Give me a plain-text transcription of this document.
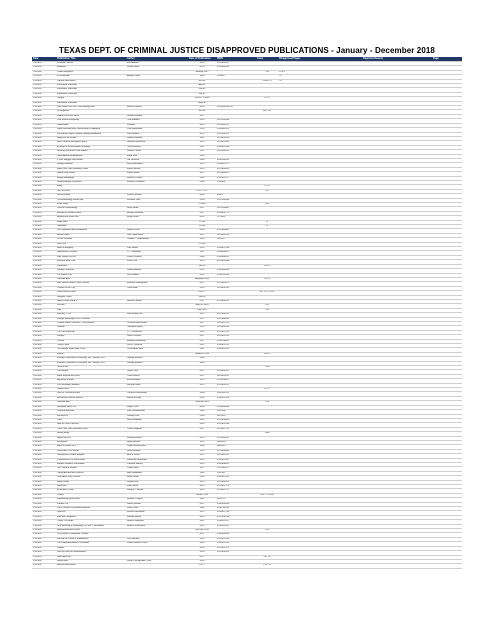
TEXAS DEPT. OF CRIMINAL JUSTICE DISAPPROVED PUBLICATIONS - January - December 2018
Date	Publication Title	Author	Date of Publication	ISBN	Issue	Disapproval Pages	Rejection Reason	Page
1/3/2018	Criminal Council	Ed Rowlson	2018	9781632327				
1/3/2018	Redbook	Daniel Grant	2013	9780989542				
1/3/2018	Outlet Magazine		January 2017		#33	#1,43		
1/3/2018	60 Seduction	Amuly Parker	2008	9780877		70		
1/3/2018	Popular Mechanics		18-Dec		V2018 #2	76		
1/3/2018	Inkstained Tattoo Art		Apr-95					
1/3/2018	Inkstained Tattoo Art		Jun-94					
1/3/2018	Inkstained Tattoo Art		Jan-97					
1/3/2018	Cougar		12/2017 1/2018		V2 #2			
1/3/2018	Inkstained Tattoo Art		May-96					
1/5/2018	Pale White Tea Can, Line Burning Bars	Marcia Lalouse	2016	9780982464730				
1/5/2018	XI Magazine		18-Dec		V48, #22			
1/5/2018	Mandy's Run the Race	Wendy Williams	2012					
1/5/2018	One Secret Everybody	Tina Robbins	2014	9781253544				
1/5/2018	World Bride	Jai Ardu	2014	9781481311				
1/5/2018	Reed Learning and Constructing Calligraphy	Lisa Egerbloom	2016	9780961322				
1/5/2018	US Marine Corps Combat Fighting Handbook	Jack Hallace	2013	9781558222				
1/5/2018	Master of the Game	Sidney Sheldon	1982	9781497000				
1/5/2018	Basic Genetic Energetics ASIS	Norland Seahaven	2013	9781315501				
1/5/2018	A Guide to Incarcerated Parenting	Terry Johnson	2011	9780615564				
1/5/2018	Nursing Discourses 2nd Edition	Dennis Parker	2017	9781260011				
1/5/2018	Great American Adventure	Edge Wirk	2003					
1/5/2018	3 Cats Blogger and Hunter	Gill Johnson	2006	9780399102				
1/5/2018	Weight Hammer	Kate Batholmew	2014	9780857271				
1/5/2018	Make Your Own Greeting Cards	Karen Bunsta	2010	9781000910				
1/5/2018	Sword Play Georg	Rusell Smith	2017	9781634071				
1/5/2018	Heavy Handstays	Rumina O'Brien	2006	9780011127				
1/5/2018	Understanding Psychosis	Frances Kreutzich	2000	1078801				
1/5/2018	Maxy				V2 #2			
1/5/2018	US Lot Force		01/17, 1/17		#12			
1/5/2018	Shock Humor	Francis Rowan	2005	89021				
1/5/2018	On Hermeology World Gay	Kristofer Dahl	2004	9781285980				
1/5/2018	Front Hoop		17-Nov		#282			
1/5/2018	Clinical Dermatology	Stacy Holdt	2017	9781259861				
1/5/2018	Entitled to Gender Phase	Bradys Woodruff	2017	9780991771				
1/5/2018	Beyond the Snow Line	Royal White	2016	1271607				
1/5/2018	Made Man		17-Dec		#3			
1/5/2018	Gametour		17-Dec		#1			
1/5/2018	The Figurative Artist Handbook	Robert Zeller	2016	9781680841				
1/5/2018	Blood Pudlin'	Joel Legerhaven	2012	9781487614				
1/5/2018	Prison Grounds	Clifford L. Lindsdeham	2003	0185277				
1/5/2018	Don Diva		17-Dec					
1/5/2018	Bible of Burglary	Joel Winter	2018	9780871260				
1/5/2018	Moonstones Devious	C.C. Halloway	2011	9780899021				
1/5/2018	Kids Going Too Far	Patrick Farrelle	2008	9780966613				
1/5/2018	Western Book Two	Frank Cox	2013	9781678636				
1/5/2018	Penthouse		Jan-18		V28 #2			
1/5/2018	Deadly Pleasures	Linda Hartman	2010	9780060430				
1/5/2018	VS Special Ops	Paul Fowles	2014	9780765244				
1/5/2018	Lowrider Arte		Aug/Sep 2005		V4 #4			
1/5/2018	Kids United Unders Vied 1 Brutal	Mariana Gonzagroux	2017	9781643072				
1/5/2018	Theatre of the City	Trent Miller	2014	9781402142				
1/5/2018	Pearl and the Gone		Dec-17		V27 #22 #1221			
1/5/2018	Gangsta Times		Jan-18					
1/5/2018	Hard Lesson Kang 4	Haruna Tanaka	2017	9781634321				
1/5/2018	Jet Ebo		Sep/Oct 2016		#20			
1/5/2018	Vibe		Fall 2016		#18			
1/5/2018	Fencing 77 LR	Stef-Soung Lee	2013	9781590521				
1/5/2018	Vintage Burlesque 2018 Calendar		2017	9781986843				
1/5/2018	Chaotic Mode Christian 1 Tele Heaven	Christine McWilliams	2017	9781517911				
1/5/2018	Veltman	Takayoshi Iganz	2013	9781634291				
1/5/2018	The Kid Wigstinky	C.C. Weresholt	2016	9781622213				
1/5/2018	Savage	Jones Frances	2017	9781629131				
1/5/2018	Thread	Rooyala Rawlinson	2017	9780294041				
1/5/2018	Trinity Prime	Jan R. Levenite	2017	9780351321				
1/5/2018	The Mirage World Map Cross	Christopher Hart	2011	9780823761				
1/5/2018	Espion		Sep/Dec 2018		V38 #2			
1/5/2018	Invisible Lonesome & Relaxing Ten Training Tier 1	George Menace	2006					
1/5/2018	Invisible Lonesome & Relaxing Ten Training Tier 2	George Menace	2006					
1/5/2018	Tension Ink				#169			
1/5/2018	The Hermit	Genie Cole	2017	9781903317				
1/5/2018	Sade Beyond the Flesh	Coast Maron	2017	9781614011				
1/5/2018	Big Book of Buds	Ed Rosenthal	2014	9781936807				
1/5/2018	The Incredible Stamina	Record Game	2013	9781629211				
1/5/2018	Tattoo Flash				V2 #2			
1/5/2018	Film Kit Collecting Kites	Treasure Hernandez	2008	9780261371				
1/5/2018	Becoming a Movie Warrior	Marcie Fassky	2016	9780511024				
1/5/2018	Lowrider Arte		Jan/Feb 2018		V33			
1/5/2018	Hollyfield Stitch Life	Roger Price	2009	9780061685				
1/5/2018	Physical Behavior	Kate Sovedheimer	1998	0070784				
1/5/2018	Survival Kit	Jeremy Pinz	2009	0021051				
1/5/2018	Tulta	Neer Redolden	2001	9781604843				
1/5/2018	How to Color Unicorns		2016	9781407543				
1/5/2018	Color Your Own Greeting Cards	Carole Gagnon	2017	9781612213				
1/5/2018	Heavy Metal				#288			
1/5/2018	Ngerin M BOX	Stormy Rasure	2014	9781930357				
1/5/2018	Illusionism	Hugh Hasose	1979	0063380				
1/5/2018	Black & White Vol 5	Tatjan Moconscena	1998	0893513				
1/5/2018	Watercolor Thin Works	Greg Hemfort	2016	9781694460				
1/5/2018	Lifestyle Art Creator Rhythm	Alex E. Helm	2017	9781943237				
1/5/2018	Confessions of a Serial Killer	Katherine Ramsland	2016	9781611852				
1/5/2018	Elegant Soldiers 2nd Edition	Julianne Harvey	2013	9780894621				
1/5/2018	The Clonetic Brands	Capes Reid	2017	9781581572				
1/5/2018	Toying Around with Science	Bob Friedhoffer	1993	0531151				
1/5/2018	Crocodiles Sho Carmen	Ruba Griffin	2016	9780872161				
1/5/2018	Eager Gage	Grimax Hull	2015	9781944512				
1/5/2018	Munisson	Mary Shaw	2013	9781837773				
1/5/2018	A Pheonix's Look	Stormy T. Hanna	2013	9781617217				
1/5/2018	Cuded		Winter 2018		V22 #1 #2018			
1/5/2018	Maintaining your Health	Reader's Digest	1991	0892771				
1/5/2018	Zombie Pin	Sabra Weston	2017	9780993283				
1/5/2018	Life & Science of Richard Ramirez	Philip Carlo	1996	9780786703				
1/5/2018	Gold Fat	Rossie Resolution	2012	9780827793				
1/5/2018	Wild Run Surgeons	Wendy Walton	2014	9781501038				
1/5/2018	I Work Tho Bride	Robert Ganandie	2001	9780521111				
1/5/2018	GLB Running & Swimming 10 Print 2 3rd Edition	Hedrick Kulinelson	2013	9780519411				
1/5/2018	International Bike News		Dec/Jan 2018		#114			
1/5/2018	2013 British Conquered Thumbs		2017	9780344493				
1/5/2018	Exclaim to Caesar's of Almbrose	Lisa Mendes	2013	9781611978				
1/5/2018	The Hollywood Book of Scandals	James Robert Parish	2004	9780071421				
1/5/2018	Protect		2018	9781302111				
1/5/2018	Porn by Jack an Intramanarus		2016	9781099311				
1/5/2018	Grain Asia Ink		11/17		V47 #8			
1/5/2018	Shoot Back	South Chicago ABC Zine	2016					
1/5/2018	Muscle and Fitness		12/17		V78 #11			
